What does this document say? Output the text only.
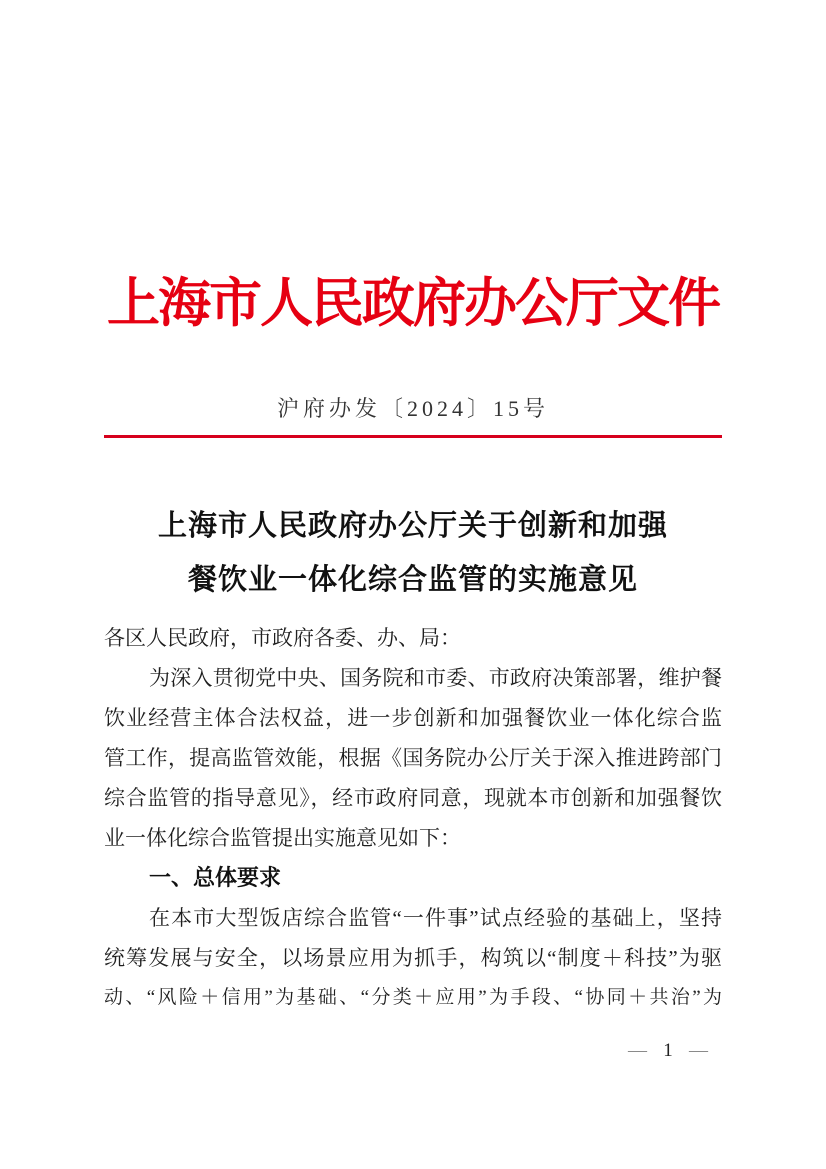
上海市人民政府办公厅文件
沪府办发〔2024〕15号
上海市人民政府办公厅关于创新和加强
餐饮业一体化综合监管的实施意见
各区人民政府，市政府各委、办、局：
为深入贯彻党中央、国务院和市委、市政府决策部署，维护餐
饮业经营主体合法权益，进一步创新和加强餐饮业一体化综合监
管工作，提高监管效能，根据《国务院办公厅关于深入推进跨部门
综合监管的指导意见》，经市政府同意，现就本市创新和加强餐饮
业一体化综合监管提出实施意见如下：
一、总体要求
在本市大型饭店综合监管“一件事”试点经验的基础上，坚持
统筹发展与安全，以场景应用为抓手，构筑以“制度＋科技”为驱
动、“风险＋信用”为基础、“分类＋应用”为手段、“协同＋共治”为
— 1 —
